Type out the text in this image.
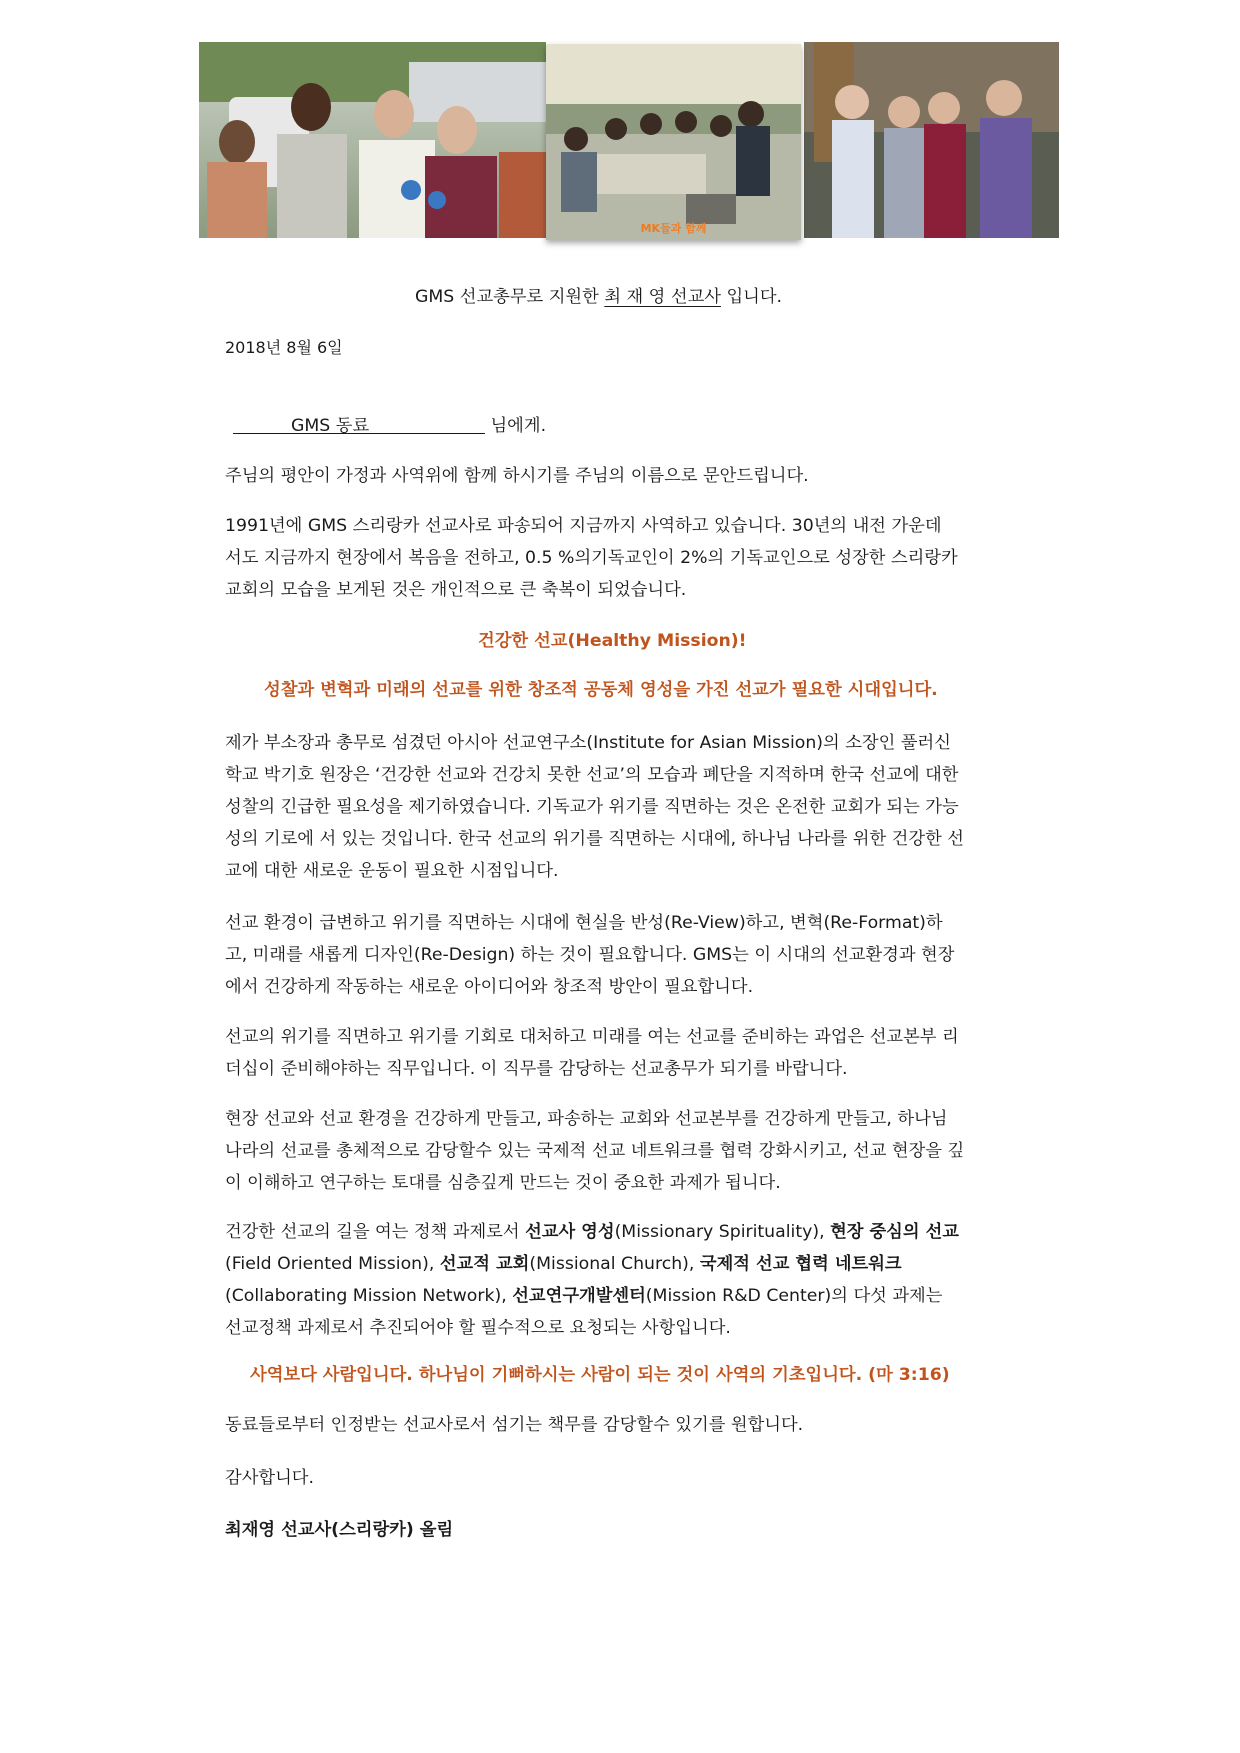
MK들과 함께
GMS 선교총무로 지원한 최 재 영 선교사 입니다.
2018년 8월 6일
GMS 동료	님에게.
주님의 평안이 가정과 사역위에 함께 하시기를 주님의 이름으로 문안드립니다.
1991년에 GMS 스리랑카 선교사로 파송되어 지금까지 사역하고 있습니다. 30년의 내전 가운데
서도 지금까지 현장에서 복음을 전하고, 0.5 %의기독교인이 2%의 기독교인으로 성장한 스리랑카
교회의 모습을 보게된 것은 개인적으로 큰 축복이 되었습니다.
건강한 선교(Healthy Mission)!
성찰과 변혁과 미래의 선교를 위한 창조적 공동체 영성을 가진 선교가 필요한 시대입니다.
제가 부소장과 총무로 섬겼던 아시아 선교연구소(Institute for Asian Mission)의 소장인 풀러신
학교 박기호 원장은 ‘건강한 선교와 건강치 못한 선교’의 모습과 폐단을 지적하며 한국 선교에 대한
성찰의 긴급한 필요성을 제기하였습니다. 기독교가 위기를 직면하는 것은 온전한 교회가 되는 가능
성의 기로에 서 있는 것입니다. 한국 선교의 위기를 직면하는 시대에, 하나님 나라를 위한 건강한 선
교에 대한 새로운 운동이 필요한 시점입니다.
선교 환경이 급변하고 위기를 직면하는 시대에 현실을 반성(Re-View)하고, 변혁(Re-Format)하
고, 미래를 새롭게 디자인(Re-Design) 하는 것이 필요합니다. GMS는 이 시대의 선교환경과 현장
에서 건강하게 작동하는 새로운 아이디어와 창조적 방안이 필요합니다.
선교의 위기를 직면하고 위기를 기회로 대처하고 미래를 여는 선교를 준비하는 과업은 선교본부 리
더십이 준비해야하는 직무입니다. 이 직무를 감당하는 선교총무가 되기를 바랍니다.
현장 선교와 선교 환경을 건강하게 만들고, 파송하는 교회와 선교본부를 건강하게 만들고, 하나님
나라의 선교를 총체적으로 감당할수 있는 국제적 선교 네트워크를 협력 강화시키고, 선교 현장을 깊
이 이해하고 연구하는 토대를 심층깊게 만드는 것이 중요한 과제가 됩니다.
건강한 선교의 길을 여는 정책 과제로서 선교사 영성(Missionary Spirituality), 현장 중심의 선교
(Field Oriented Mission), 선교적 교회(Missional Church), 국제적 선교 협력 네트워크
(Collaborating Mission Network), 선교연구개발센터(Mission R&D Center)의 다섯 과제는
선교정책 과제로서 추진되어야 할 필수적으로 요청되는 사항입니다.
사역보다 사람입니다. 하나님이 기뻐하시는 사람이 되는 것이 사역의 기초입니다. (마 3:16)
동료들로부터 인정받는 선교사로서 섬기는 책무를 감당할수 있기를 원합니다.
감사합니다.
최재영 선교사(스리랑카) 올림
